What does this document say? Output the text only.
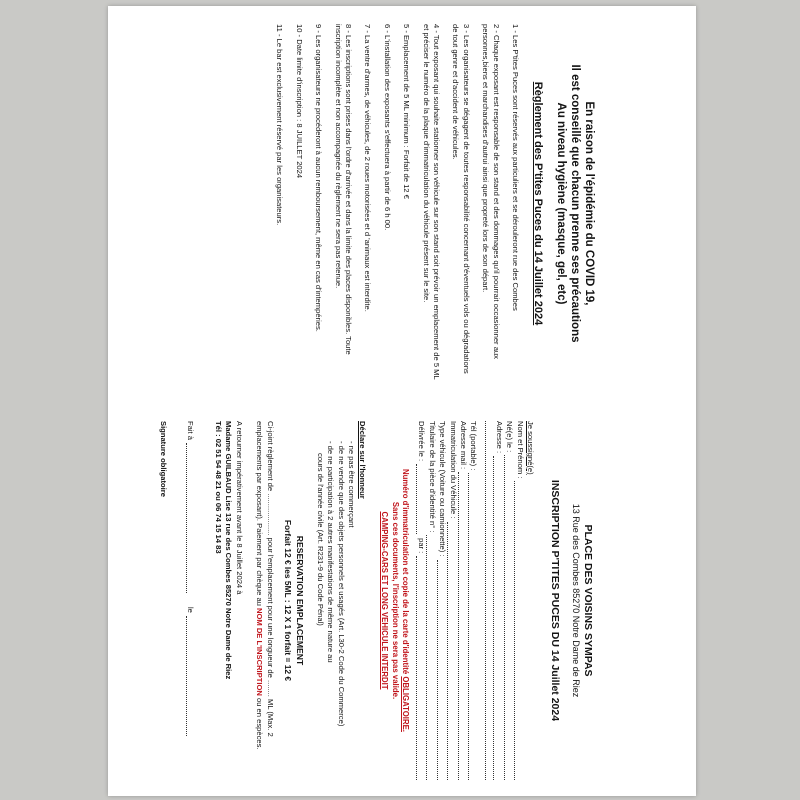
En raison de l'épidémie du COVID 19,

Il est conseillé que chacun prenne ses précautions

Au niveau hygiène (masque, gel, etc)

Règlement des P'tites Puces du 14 Juillet 2024

1 - Les P'tites Puces sont réservés aux particuliers et se dérouleront rue des Combes

2 - Chaque exposant est responsable de son stand et des dommages qu'il pourrait occasionner aux personnes,biens et marchandises d'autrui ainsi que propreté lors de son départ.

3 - Les organisateurs se dégagent de toutes responsabilité concernant d'éventuels vols ou dégradations de tout genre et d'accident de véhicules.

4 - Tout exposant qui souhaite stationner son véhicule sur son stand soit prévoir un emplacement de 5 ML et préciser le numéro de la plaque d'immatriculation du véhicule présent sur le site.

5 - Emplacement de 5 ML minimum : Forfait de 12 €

6 - L'installation des exposants s'effectuera à partir de 6 h 00.

7 - La ventre d'armes, de véhicules, de 2 roues motorisées et d 'animaux est interdite.

8 - Les inscriptions sont prises dans l'ordre d'arrivée et dans la limite des places disponibles. Toute inscription incomplète et non accompagnée du règlement ne sera pas retenue.

9 - Les organisateurs ne procéderont à aucun remboursement, même en cas d'intempéries.

10 - Date limite d'inscription : 8 JUILLET 2024

11 - Le bar est exclusivement réservé par les organisateurs.

PLACE DES VOISINS SYMPAS

13 Rue des Combes 85270 Notre Dame de Riez

INSCRIPTION P'TITES PUCES DU 14 Juillet 2024

Je soussigné(e)
Nom et Prénom :
Né(e) le :
Adresse :
Tél (portable) :
Adresse mail :
Immatriculation du Véhicule :
Type véhicule (Voiture ou camionnette) :
Titulaire de la pièce d'identité n° :
Délivrée le :
par :
Numéro d'immatriculation et copie de la carte d'identité OBLIGATOIRE.
Sans ces documents, l'inscription ne sera pas valide.
CAMPING-CARS ET LONG VEHICULE INTERDIT
Déclare sur l'honneur

- ne pas être commerçant

- de ne vendre que des objets personnels et usagés (Art. L30-2 Code du Commerce)

- de ne participation à 2 autres manifestations de même nature au

cours de l'année civile (Art. R231-9 du Code Pénal)

RESERVATION EMPLACEMENT

Forfait 12 € les 5ML : 12 X 1 forfait = 12 €

Ci-joint règlement de .................... pour l'emplacement pour une longueur de ........ ML (Max. 2 emplacements par exposant). Paiement par chèque au NOM DE L'INSCRIPTION ou en espèces.

A retourner impérativement avant le 8 Juillet 2024 à
Madame GUILBAUD Lise 13 rue des Combes 85270 Notre Dame de Riez
Tél : 02 51 54 48 21 ou 06 74 15 14 83
Fait à
le
Signature obligatoire
